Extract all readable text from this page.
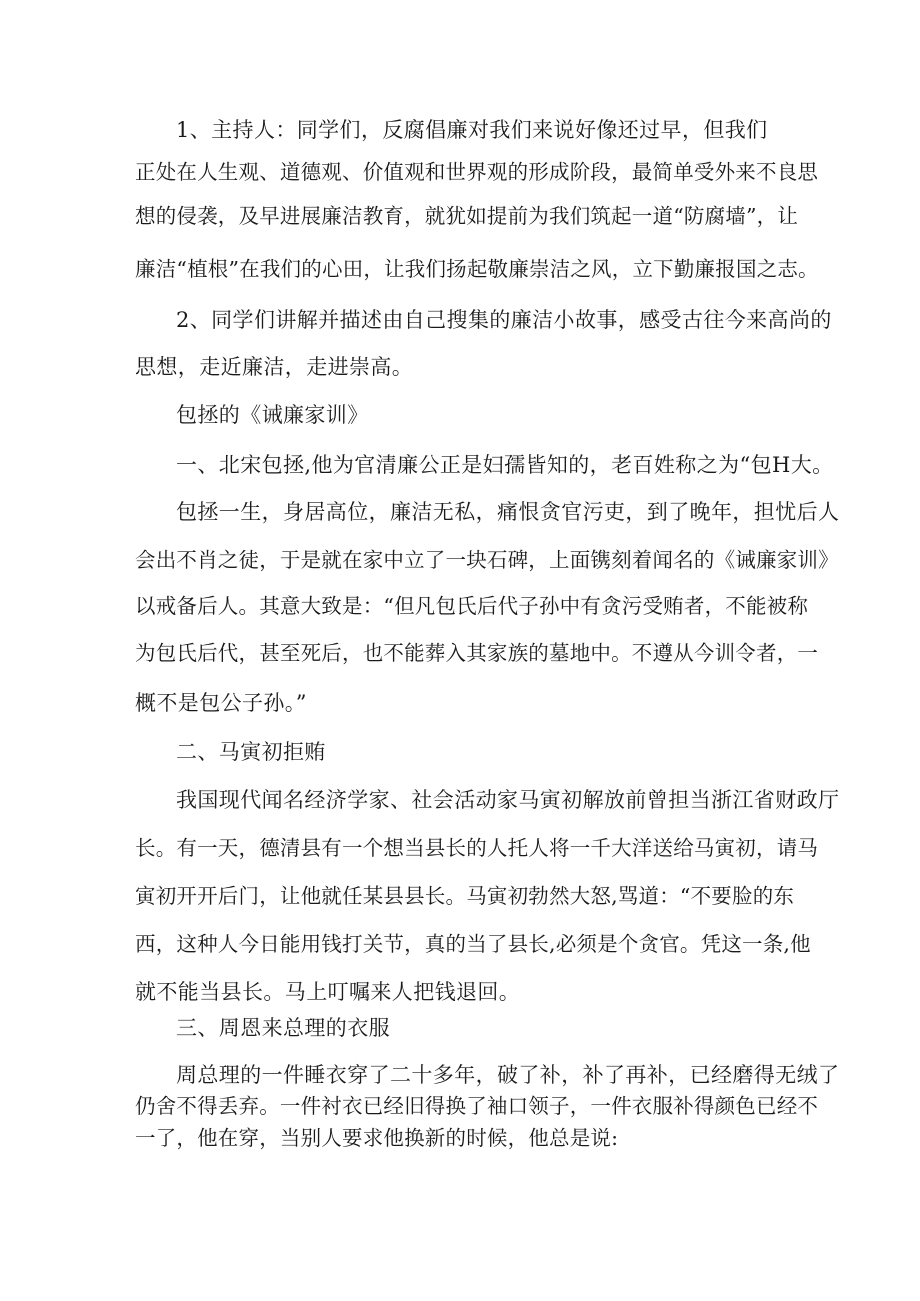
1、主持人：同学们，反腐倡廉对我们来说好像还过早，但我们
正处在人生观、道德观、价值观和世界观的形成阶段，最简单受外来不良思
想的侵袭，及早进展廉洁教育，就犹如提前为我们筑起一道“防腐墙”，让
廉洁“植根”在我们的心田，让我们扬起敬廉崇洁之风，立下勤廉报国之志。
2、同学们讲解并描述由自己搜集的廉洁小故事，感受古往今来高尚的
思想，走近廉洁，走进崇高。
包拯的《诫廉家训》
一、北宋包拯,他为官清廉公正是妇孺皆知的，老百姓称之为“包H大。
包拯一生，身居高位，廉洁无私，痛恨贪官污吏，到了晚年，担忧后人
会出不肖之徒，于是就在家中立了一块石碑，上面镌刻着闻名的《诫廉家训》
以戒备后人。其意大致是：“但凡包氏后代子孙中有贪污受贿者，不能被称
为包氏后代，甚至死后，也不能葬入其家族的墓地中。不遵从今训令者，一
概不是包公子孙。”
二、马寅初拒贿
我国现代闻名经济学家、社会活动家马寅初解放前曾担当浙江省财政厅
长。有一天，德清县有一个想当县长的人托人将一千大洋送给马寅初，请马
寅初开开后门，让他就任某县县长。马寅初勃然大怒,骂道：“不要脸的东
西，这种人今日能用钱打关节，真的当了县长,必须是个贪官。凭这一条,他
就不能当县长。马上叮嘱来人把钱退回。
三、周恩来总理的衣服
周总理的一件睡衣穿了二十多年，破了补，补了再补，已经磨得无绒了
仍舍不得丢弃。一件衬衣已经旧得换了袖口领子，一件衣服补得颜色已经不
一了，他在穿，当别人要求他换新的时候，他总是说:
